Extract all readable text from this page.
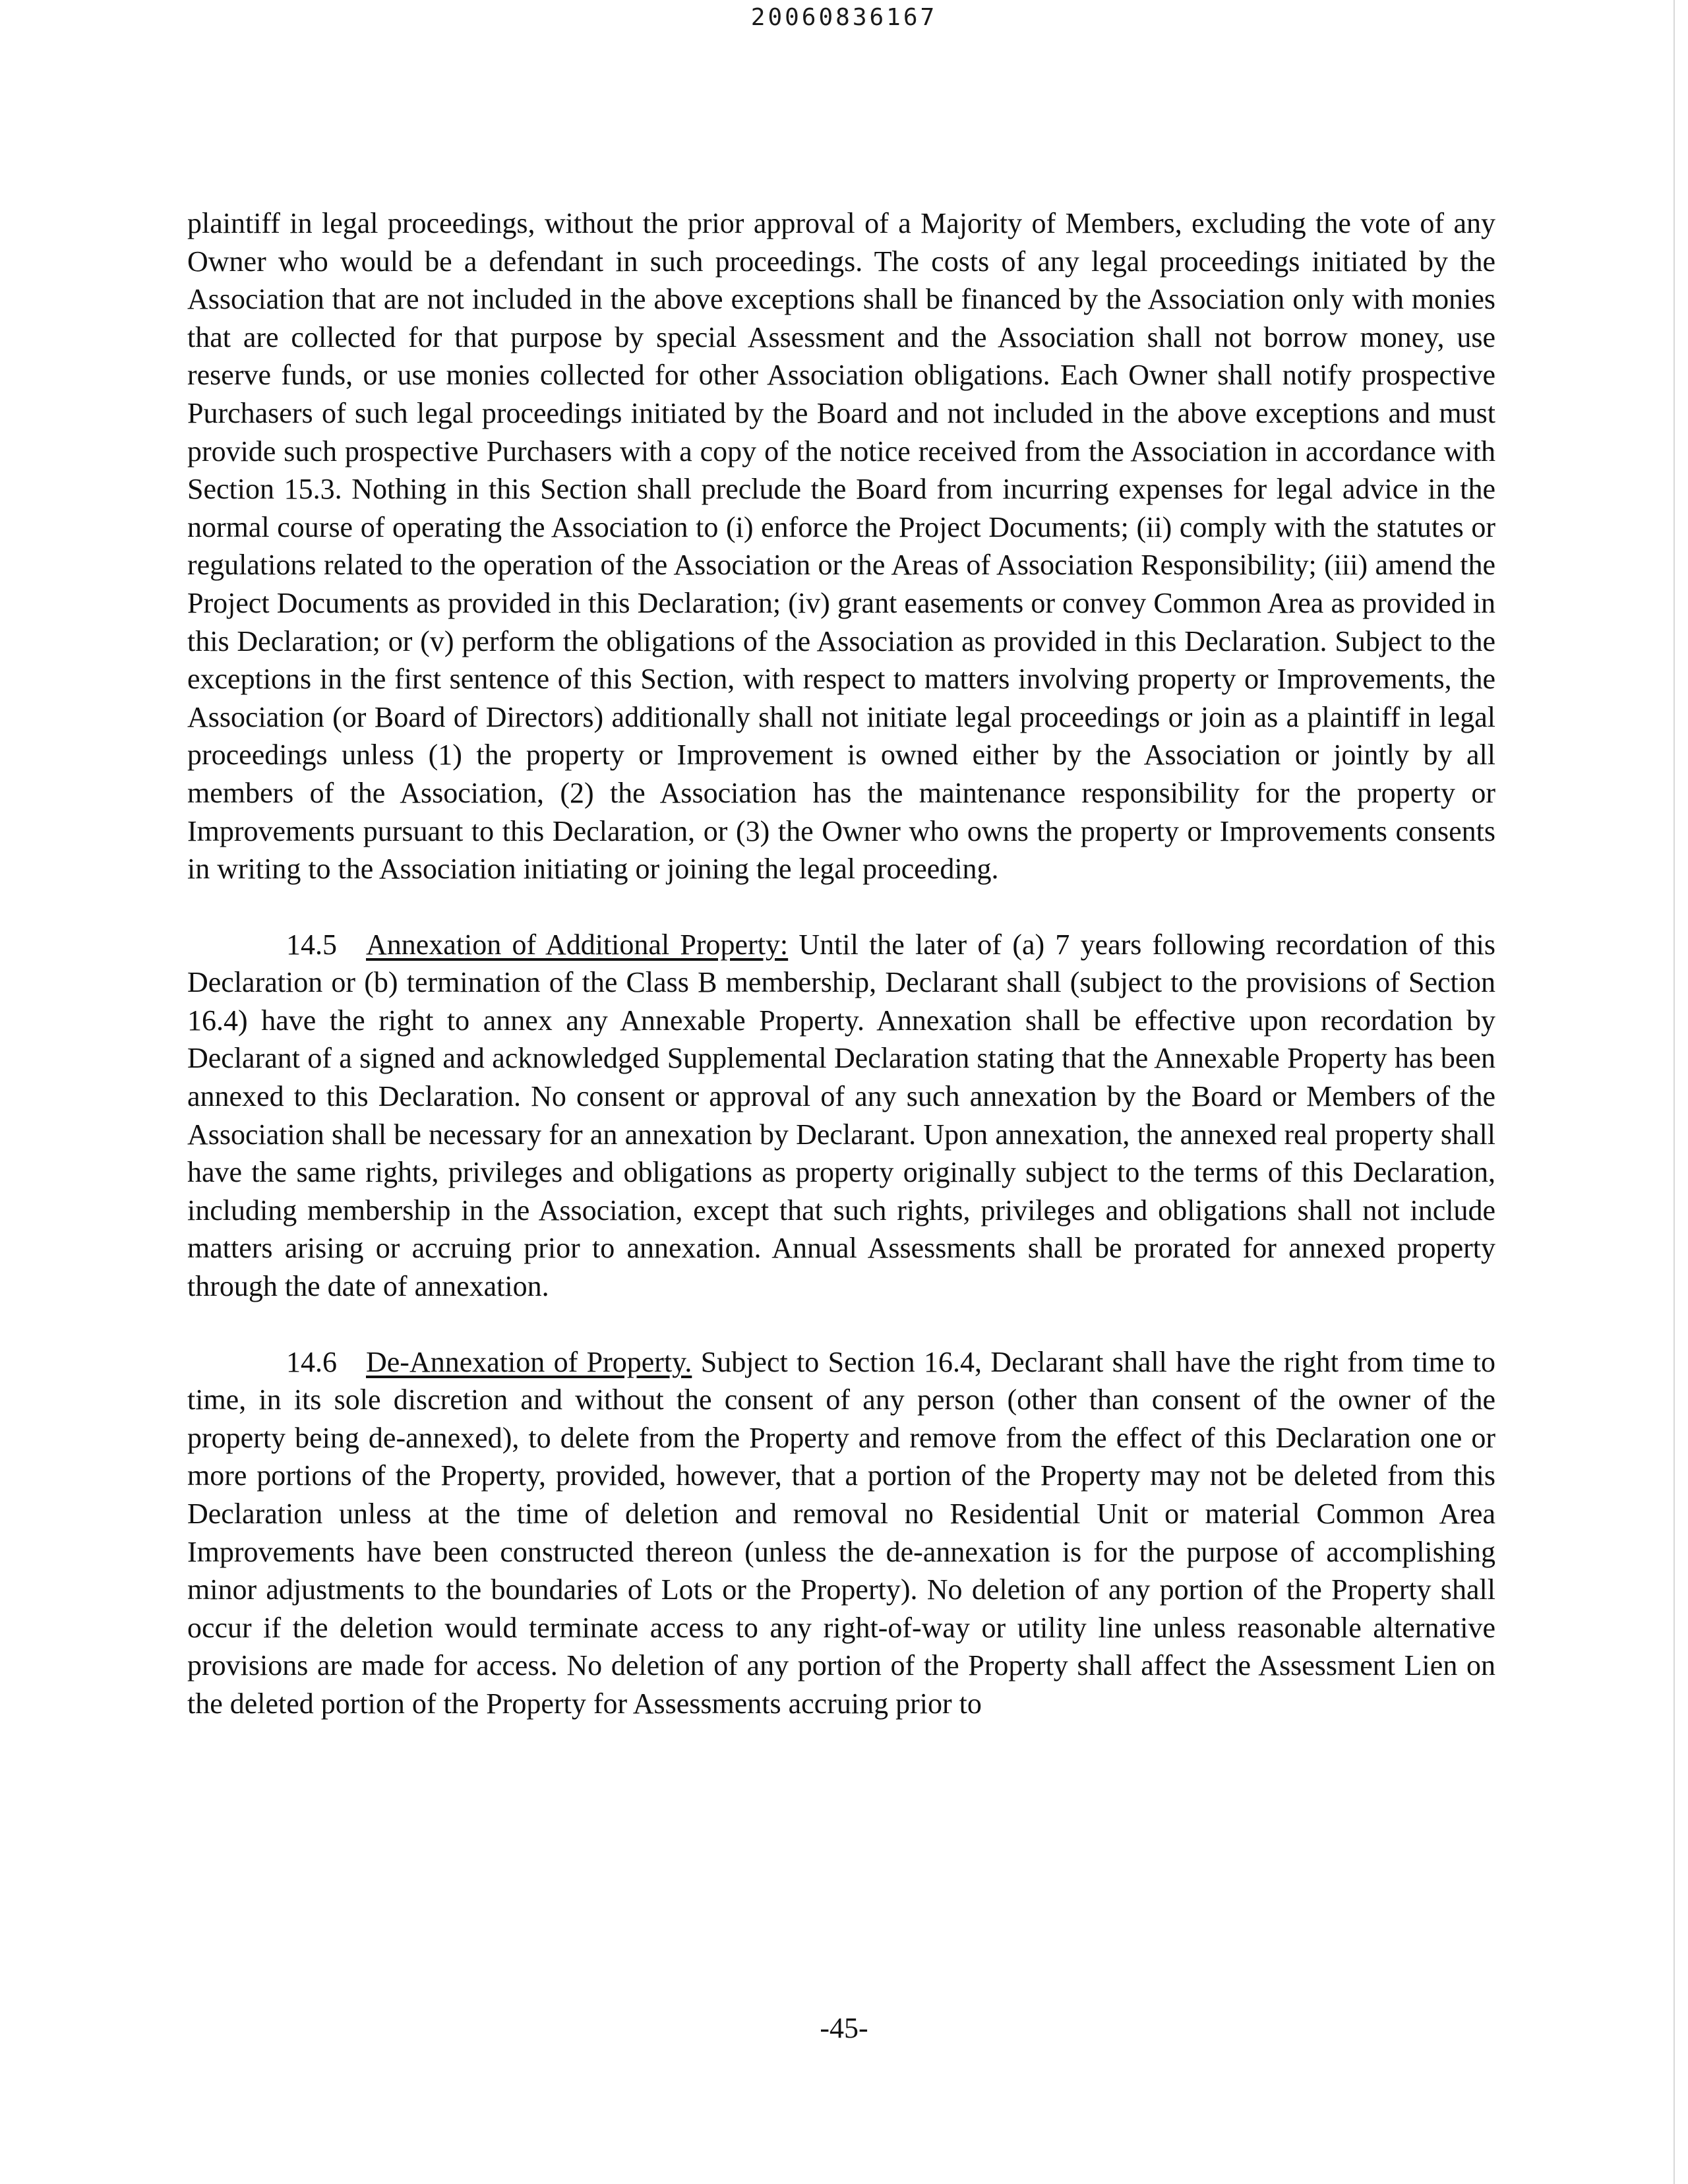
20060836167

plaintiff in legal proceedings, without the prior approval of a Majority of Members, excluding the vote of any Owner who would be a defendant in such proceedings. The costs of any legal proceedings initiated by the Association that are not included in the above exceptions shall be financed by the Association only with monies that are collected for that purpose by special Assessment and the Association shall not borrow money, use reserve funds, or use monies collected for other Association obligations. Each Owner shall notify prospective Purchasers of such legal proceedings initiated by the Board and not included in the above exceptions and must provide such prospective Purchasers with a copy of the notice received from the Association in accordance with Section 15.3. Nothing in this Section shall preclude the Board from incurring expenses for legal advice in the normal course of operating the Association to (i) enforce the Project Documents; (ii) comply with the statutes or regulations related to the operation of the Association or the Areas of Association Responsibility; (iii) amend the Project Documents as provided in this Declaration; (iv) grant easements or convey Common Area as provided in this Declaration; or (v) perform the obligations of the Association as provided in this Declaration. Subject to the exceptions in the first sentence of this Section, with respect to matters involving property or Improvements, the Association (or Board of Directors) additionally shall not initiate legal proceedings or join as a plaintiff in legal proceedings unless (1) the property or Improvement is owned either by the Association or jointly by all members of the Association, (2) the Association has the maintenance responsibility for the property or Improvements pursuant to this Declaration, or (3) the Owner who owns the property or Improvements consents in writing to the Association initiating or joining the legal proceeding.

14.5 Annexation of Additional Property: Until the later of (a) 7 years following recordation of this Declaration or (b) termination of the Class B membership, Declarant shall (subject to the provisions of Section 16.4) have the right to annex any Annexable Property. Annexation shall be effective upon recordation by Declarant of a signed and acknowledged Supplemental Declaration stating that the Annexable Property has been annexed to this Declaration. No consent or approval of any such annexation by the Board or Members of the Association shall be necessary for an annexation by Declarant. Upon annexation, the annexed real property shall have the same rights, privileges and obligations as property originally subject to the terms of this Declaration, including membership in the Association, except that such rights, privileges and obligations shall not include matters arising or accruing prior to annexation. Annual Assessments shall be prorated for annexed property through the date of annexation.

14.6 De-Annexation of Property. Subject to Section 16.4, Declarant shall have the right from time to time, in its sole discretion and without the consent of any person (other than consent of the owner of the property being de-annexed), to delete from the Property and remove from the effect of this Declaration one or more portions of the Property, provided, however, that a portion of the Property may not be deleted from this Declaration unless at the time of deletion and removal no Residential Unit or material Common Area Improvements have been constructed thereon (unless the de-annexation is for the purpose of accomplishing minor adjustments to the boundaries of Lots or the Property). No deletion of any portion of the Property shall occur if the deletion would terminate access to any right-of-way or utility line unless reasonable alternative provisions are made for access. No deletion of any portion of the Property shall affect the Assessment Lien on the deleted portion of the Property for Assessments accruing prior to

-45-
